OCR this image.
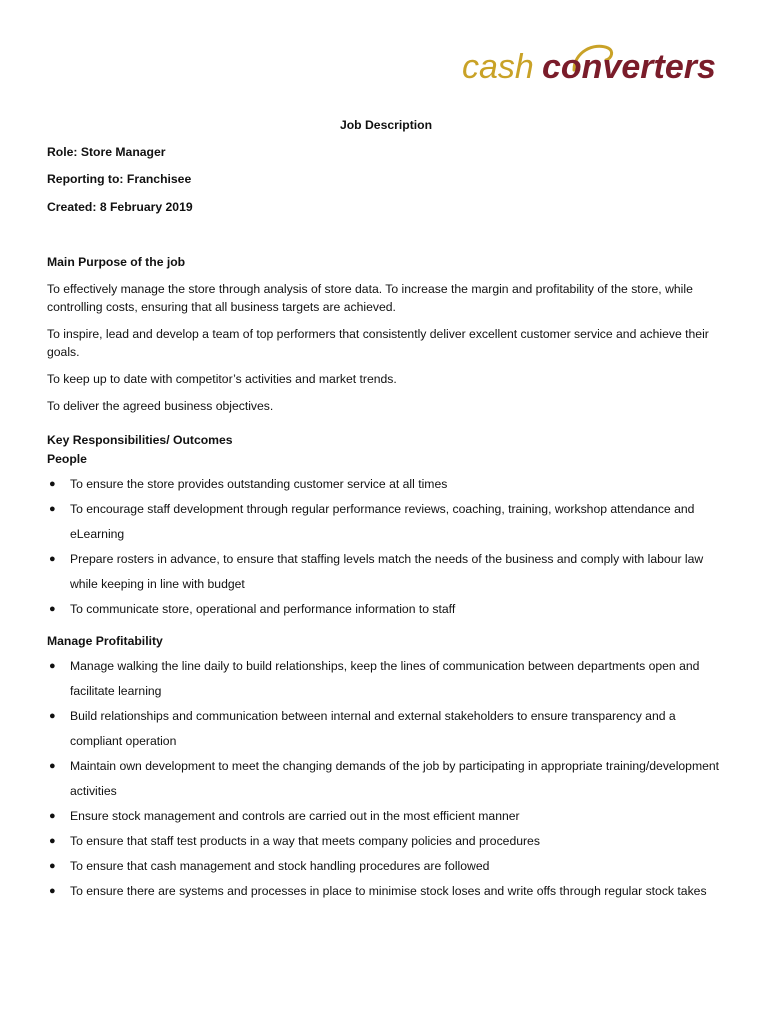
cash converters
Job Description
Role: Store Manager
Reporting to: Franchisee
Created: 8 February 2019
Main Purpose of the job
To effectively manage the store through analysis of store data. To increase the margin and profitability of the store, while controlling costs, ensuring that all business targets are achieved.
To inspire, lead and develop a team of top performers that consistently deliver excellent customer service and achieve their goals.
To keep up to date with competitor’s activities and market trends.
To deliver the agreed business objectives.
Key Responsibilities/ Outcomes
People
● To ensure the store provides outstanding customer service at all times
● To encourage staff development through regular performance reviews, coaching, training, workshop attendance and eLearning
● Prepare rosters in advance, to ensure that staffing levels match the needs of the business and comply with labour law while keeping in line with budget
● To communicate store, operational and performance information to staff
Manage Profitability
● Manage walking the line daily to build relationships, keep the lines of communication between departments open and facilitate learning
● Build relationships and communication between internal and external stakeholders to ensure transparency and a compliant operation
● Maintain own development to meet the changing demands of the job by participating in appropriate training/development activities
● Ensure stock management and controls are carried out in the most efficient manner
● To ensure that staff test products in a way that meets company policies and procedures
● To ensure that cash management and stock handling procedures are followed
● To ensure there are systems and processes in place to minimise stock loses and write offs through regular stock takes
